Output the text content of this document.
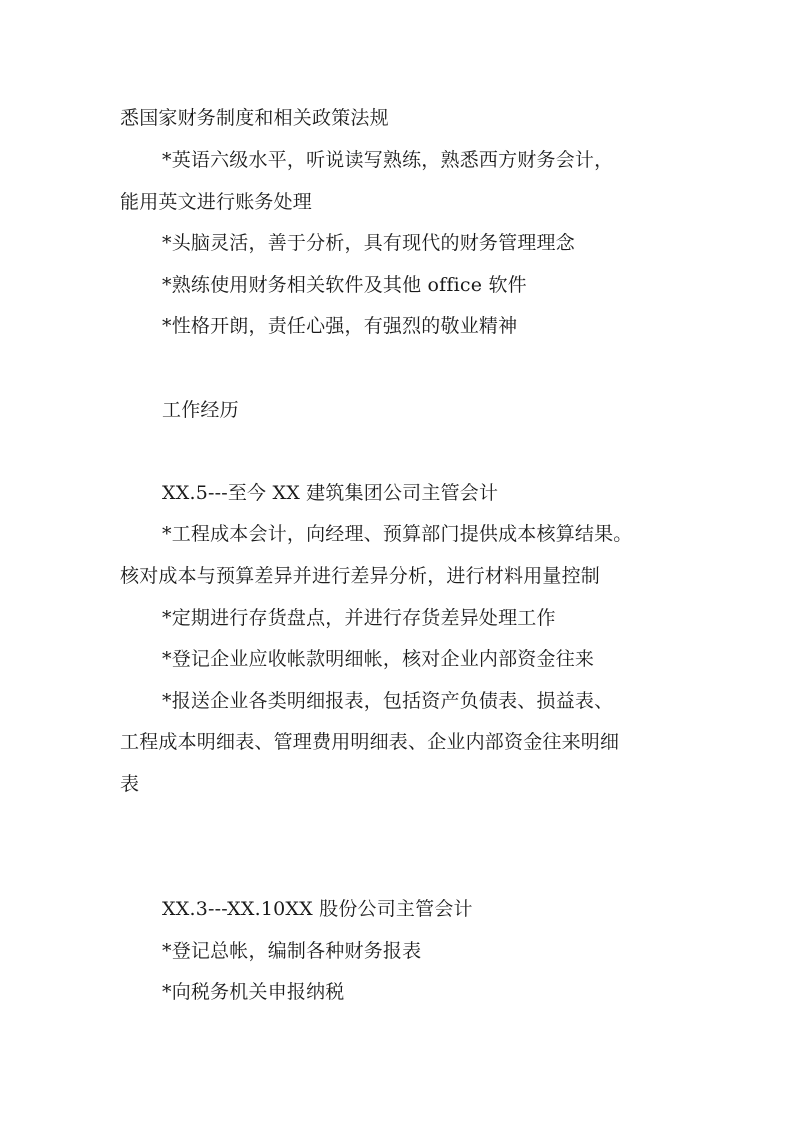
悉国家财务制度和相关政策法规
*英语六级水平，听说读写熟练，熟悉西方财务会计，
能用英文进行账务处理
*头脑灵活，善于分析，具有现代的财务管理理念
*熟练使用财务相关软件及其他 office 软件
*性格开朗，责任心强，有强烈的敬业精神
工作经历
XX.5---至今 XX 建筑集团公司主管会计
*工程成本会计，向经理、预算部门提供成本核算结果。
核对成本与预算差异并进行差异分析，进行材料用量控制
*定期进行存货盘点，并进行存货差异处理工作
*登记企业应收帐款明细帐，核对企业内部资金往来
*报送企业各类明细报表，包括资产负债表、损益表、
工程成本明细表、管理费用明细表、企业内部资金往来明细
表
XX.3---XX.10XX 股份公司主管会计
*登记总帐，编制各种财务报表
*向税务机关申报纳税
